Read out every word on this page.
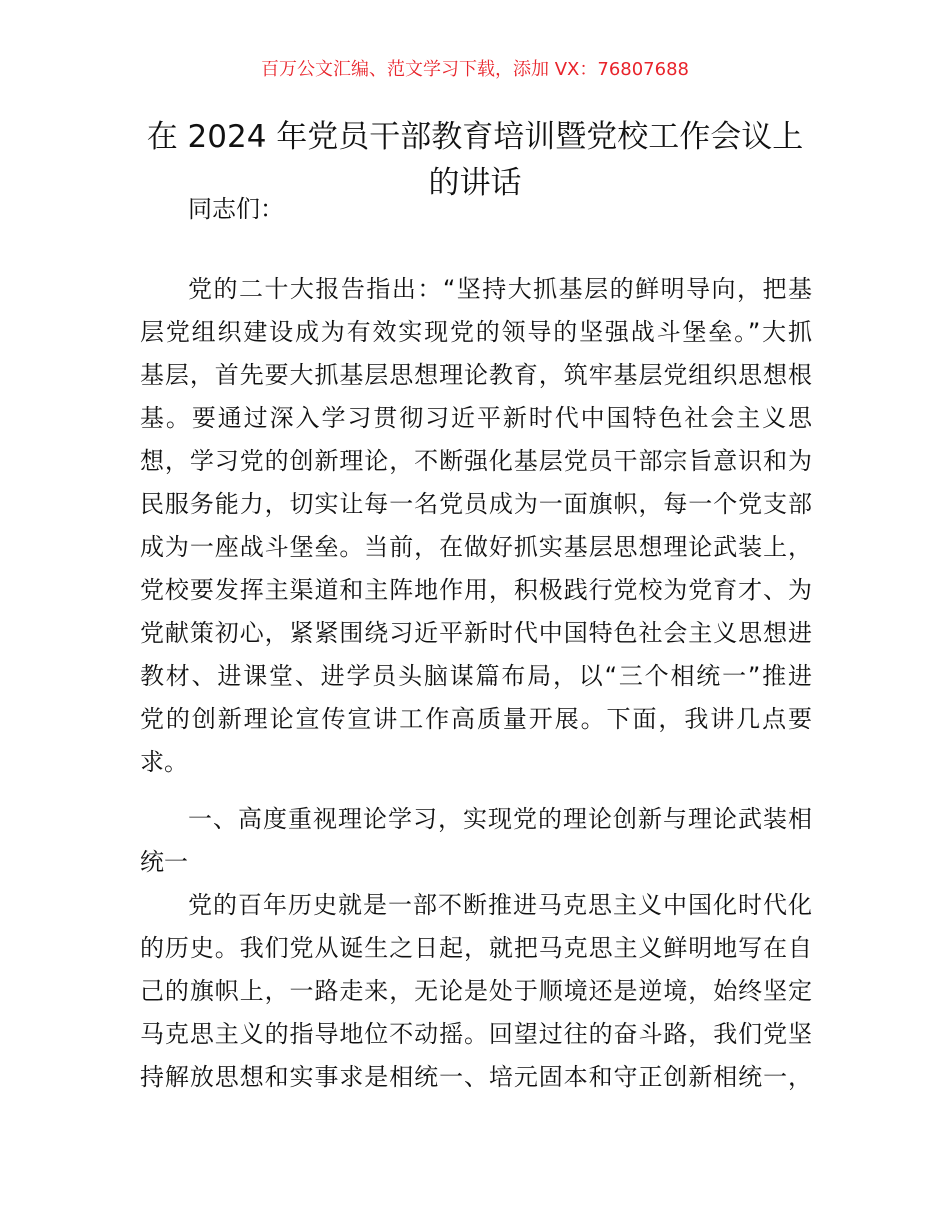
百万公文汇编、范文学习下载，添加 VX：76807688
在 2024 年党员干部教育培训暨党校工作会议上
的讲话
同志们：
党的二十大报告指出：“坚持大抓基层的鲜明导向，把基
层党组织建设成为有效实现党的领导的坚强战斗堡垒。”大抓
基层，首先要大抓基层思想理论教育，筑牢基层党组织思想根
基。要通过深入学习贯彻习近平新时代中国特色社会主义思
想，学习党的创新理论，不断强化基层党员干部宗旨意识和为
民服务能力，切实让每一名党员成为一面旗帜，每一个党支部
成为一座战斗堡垒。当前，在做好抓实基层思想理论武装上，
党校要发挥主渠道和主阵地作用，积极践行党校为党育才、为
党献策初心，紧紧围绕习近平新时代中国特色社会主义思想进
教材、进课堂、进学员头脑谋篇布局，以“三个相统一”推进
党的创新理论宣传宣讲工作高质量开展。下面，我讲几点要
求。
一、高度重视理论学习，实现党的理论创新与理论武装相
统一
党的百年历史就是一部不断推进马克思主义中国化时代化
的历史。我们党从诞生之日起，就把马克思主义鲜明地写在自
己的旗帜上，一路走来，无论是处于顺境还是逆境，始终坚定
马克思主义的指导地位不动摇。回望过往的奋斗路，我们党坚
持解放思想和实事求是相统一、培元固本和守正创新相统一，
